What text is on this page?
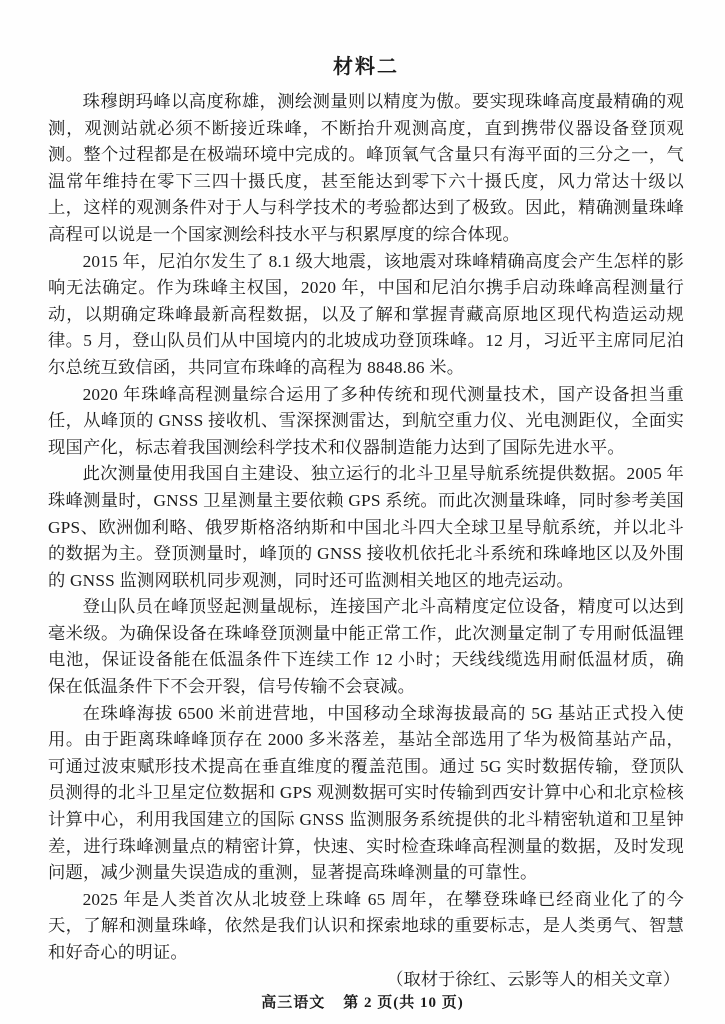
材料二

珠穆朗玛峰以高度称雄，测绘测量则以精度为傲。要实现珠峰高度最精确的观测，观测站就必须不断接近珠峰，不断抬升观测高度，直到携带仪器设备登顶观测。整个过程都是在极端环境中完成的。峰顶氧气含量只有海平面的三分之一，气温常年维持在零下三四十摄氏度，甚至能达到零下六十摄氏度，风力常达十级以上，这样的观测条件对于人与科学技术的考验都达到了极致。因此，精确测量珠峰高程可以说是一个国家测绘科技水平与积累厚度的综合体现。

2015 年，尼泊尔发生了 8.1 级大地震，该地震对珠峰精确高度会产生怎样的影响无法确定。作为珠峰主权国，2020 年，中国和尼泊尔携手启动珠峰高程测量行动，以期确定珠峰最新高程数据，以及了解和掌握青藏高原地区现代构造运动规律。5 月，登山队员们从中国境内的北坡成功登顶珠峰。12 月，习近平主席同尼泊尔总统互致信函，共同宣布珠峰的高程为 8848.86 米。

2020 年珠峰高程测量综合运用了多种传统和现代测量技术，国产设备担当重任，从峰顶的 GNSS 接收机、雪深探测雷达，到航空重力仪、光电测距仪，全面实现国产化，标志着我国测绘科学技术和仪器制造能力达到了国际先进水平。

此次测量使用我国自主建设、独立运行的北斗卫星导航系统提供数据。2005 年珠峰测量时，GNSS 卫星测量主要依赖 GPS 系统。而此次测量珠峰，同时参考美国 GPS、欧洲伽利略、俄罗斯格洛纳斯和中国北斗四大全球卫星导航系统，并以北斗的数据为主。登顶测量时，峰顶的 GNSS 接收机依托北斗系统和珠峰地区以及外围的 GNSS 监测网联机同步观测，同时还可监测相关地区的地壳运动。

登山队员在峰顶竖起测量觇标，连接国产北斗高精度定位设备，精度可以达到毫米级。为确保设备在珠峰登顶测量中能正常工作，此次测量定制了专用耐低温锂电池，保证设备能在低温条件下连续工作 12 小时；天线线缆选用耐低温材质，确保在低温条件下不会开裂，信号传输不会衰减。

在珠峰海拔 6500 米前进营地，中国移动全球海拔最高的 5G 基站正式投入使用。由于距离珠峰峰顶存在 2000 多米落差，基站全部选用了华为极简基站产品，可通过波束赋形技术提高在垂直维度的覆盖范围。通过 5G 实时数据传输，登顶队员测得的北斗卫星定位数据和 GPS 观测数据可实时传输到西安计算中心和北京检核计算中心，利用我国建立的国际 GNSS 监测服务系统提供的北斗精密轨道和卫星钟差，进行珠峰测量点的精密计算，快速、实时检查珠峰高程测量的数据，及时发现问题，减少测量失误造成的重测，显著提高珠峰测量的可靠性。

2025 年是人类首次从北坡登上珠峰 65 周年，在攀登珠峰已经商业化了的今天，了解和测量珠峰，依然是我们认识和探索地球的重要标志，是人类勇气、智慧和好奇心的明证。

（取材于徐红、云影等人的相关文章）

高三语文 第 2 页(共 10 页)
